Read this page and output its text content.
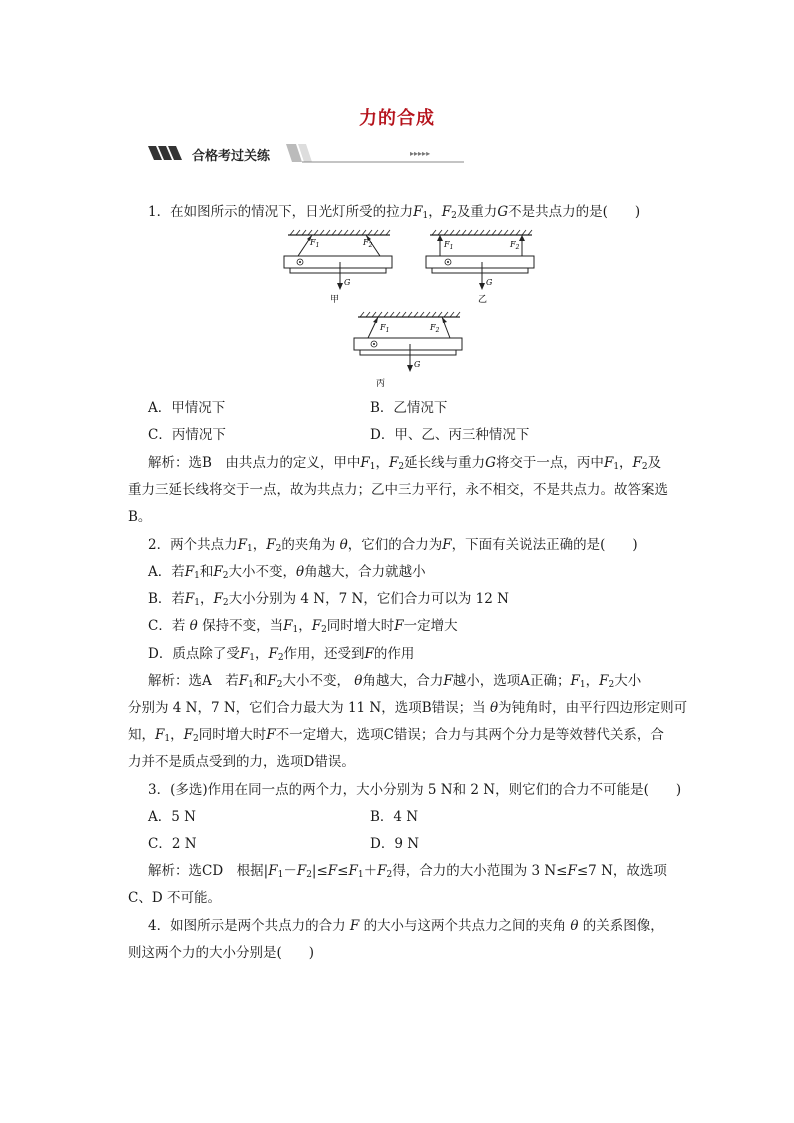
力的合成
▸▸▸▸▸
合格考过关练
1．在如图所示的情况下，日光灯所受的拉力$F_1$，$F_2$及重力G不是共点力的是(　　)
$F_1$	$F_2$
G
甲
$F_1$	$F_2$
G
乙
$F_1$	$F_2$
G
丙
A．甲情况下	B．乙情况下
C．丙情况下	D．甲、乙、丙三种情况下
解析：选B　由共点力的定义，甲中$F_1$，$F_2$延长线与重力G将交于一点，丙中$F_1$，$F_2$及
重力三延长线将交于一点，故为共点力；乙中三力平行，永不相交，不是共点力。故答案选
B。
2．两个共点力$F_1$，$F_2$的夹角为 θ，它们的合力为F，下面有关说法正确的是(　　)
A．若$F_1$和$F_2$大小不变，θ角越大，合力就越小
B．若$F_1$，$F_2$大小分别为 4 N，7 N，它们合力可以为 12 N
C．若 θ 保持不变，当$F_1$，$F_2$同时增大时F一定增大
D．质点除了受$F_1$，$F_2$作用，还受到F的作用
解析：选A　若$F_1$和$F_2$大小不变， θ角越大，合力F越小，选项A正确；$F_1$，$F_2$大小
分别为 4 N，7 N，它们合力最大为 11 N，选项B错误；当 θ为钝角时，由平行四边形定则可
知，$F_1$，$F_2$同时增大时F不一定增大，选项C错误；合力与其两个分力是等效替代关系，合
力并不是质点受到的力，选项D错误。
3．(多选)作用在同一点的两个力，大小分别为 5 N和 2 N，则它们的合力不可能是(　　)
A．5 N	B．4 N
C．2 N	D．9 N
解析：选CD　根据$|F_1-F_2|\le F\le F_1+F_2$得，合力的大小范围为 3 N≤F≤7 N，故选项
C、D 不可能。
4．如图所示是两个共点力的合力 F 的大小与这两个共点力之间的夹角 θ 的关系图像，
则这两个力的大小分别是(　　)
